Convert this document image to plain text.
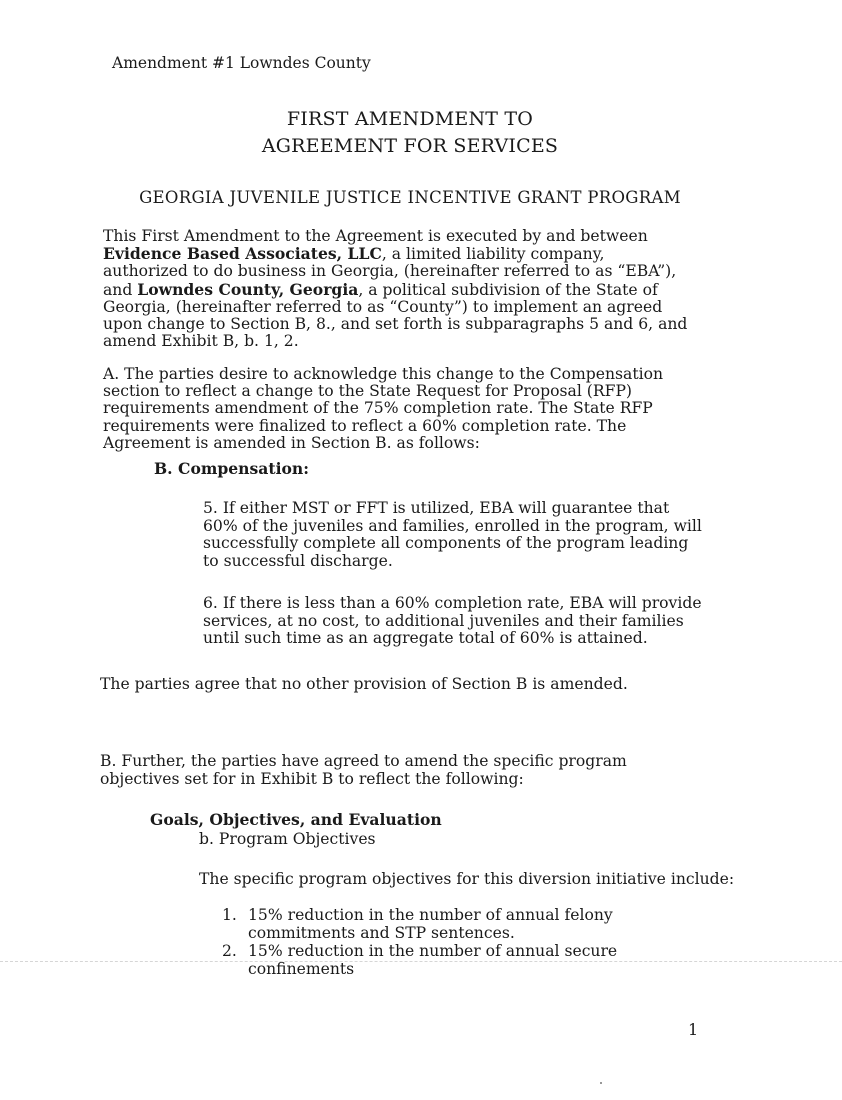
Amendment #1 Lowndes County

FIRST AMENDMENT TO

AGREEMENT FOR SERVICES

GEORGIA JUVENILE JUSTICE INCENTIVE GRANT PROGRAM

This First Amendment to the Agreement is executed by and between Evidence Based Associates, LLC, a limited liability company, authorized to do business in Georgia, (hereinafter referred to as “EBA”), and Lowndes County, Georgia, a political subdivision of the State of Georgia, (hereinafter referred to as “County”) to implement an agreed upon change to Section B, 8., and set forth is subparagraphs 5 and 6, and amend Exhibit B, b. 1, 2.

A. The parties desire to acknowledge this change to the Compensation section to reflect a change to the State Request for Proposal (RFP) requirements amendment of the 75% completion rate. The State RFP requirements were finalized to reflect a 60% completion rate. The Agreement is amended in Section B. as follows:

B. Compensation:

5. If either MST or FFT is utilized, EBA will guarantee that 60% of the juveniles and families, enrolled in the program, will successfully complete all components of the program leading to successful discharge.

6. If there is less than a 60% completion rate, EBA will provide services, at no cost, to additional juveniles and their families until such time as an aggregate total of 60% is attained.

The parties agree that no other provision of Section B is amended.

B. Further, the parties have agreed to amend the specific program objectives set for in Exhibit B to reflect the following:

Goals, Objectives, and Evaluation

b. Program Objectives

The specific program objectives for this diversion initiative include:

1. 15% reduction in the number of annual felony commitments and STP sentences.
2. 15% reduction in the number of annual secure confinements

1
